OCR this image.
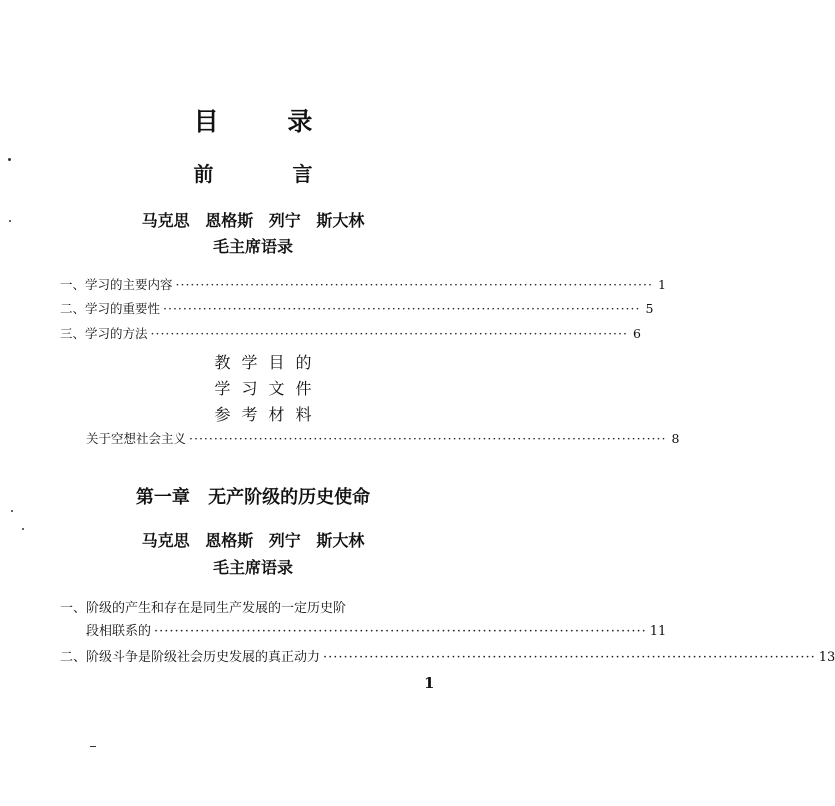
目 录
前 言
马克思 恩格斯 列宁 斯大林
毛主席语录
一、学习的主要内容 ································································································ 1
二、学习的重要性 ································································································ 5
三、学习的方法 ································································································ 6
教学目的
学习文件
参考材料
关于空想社会主义 ································································································ 8
第一章 无产阶级的历史使命
马克思 恩格斯 列宁 斯大林
毛主席语录
一、阶级的产生和存在是同生产发展的一定历史阶
段相联系的 ································································································ 11
二、阶级斗争是阶级社会历史发展的真正动力 ································································································ 13
1
